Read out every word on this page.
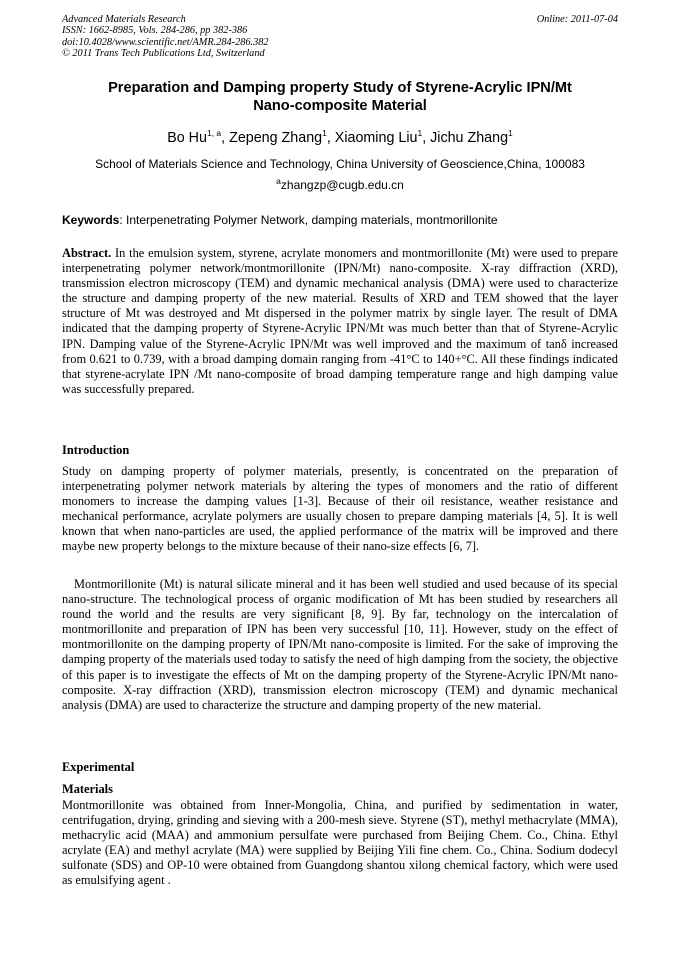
Advanced Materials Research
ISSN: 1662-8985, Vols. 284-286, pp 382-386
doi:10.4028/www.scientific.net/AMR.284-286.382
© 2011 Trans Tech Publications Ltd, Switzerland
Online: 2011-07-04
Preparation and Damping property Study of Styrene-Acrylic IPN/Mt
Nano-composite Material
Bo Hu$^{1, a}$, Zepeng Zhang$^1$, Xiaoming Liu$^1$, Jichu Zhang$^1$
School of Materials Science and Technology, China University of Geoscience,China, 100083
$^a$zhangzp@cugb.edu.cn
Keywords: Interpenetrating Polymer Network, damping materials, montmorillonite
Abstract. In the emulsion system, styrene, acrylate monomers and montmorillonite (Mt) were used to prepare interpenetrating polymer network/montmorillonite (IPN/Mt) nano-composite. X-ray diffraction (XRD), transmission electron microscopy (TEM) and dynamic mechanical analysis (DMA) were used to characterize the structure and damping property of the new material. Results of XRD and TEM showed that the layer structure of Mt was destroyed and Mt dispersed in the polymer matrix by single layer. The result of DMA indicated that the damping property of Styrene-Acrylic IPN/Mt was much better than that of Styrene-Acrylic IPN. Damping value of the Styrene-Acrylic IPN/Mt was well improved and the maximum of tanδ increased from 0.621 to 0.739, with a broad damping domain ranging from -41°C to 140+°C. All these findings indicated that styrene-acrylate IPN /Mt nano-composite of broad damping temperature range and high damping value was successfully prepared.
Introduction
Study on damping property of polymer materials, presently, is concentrated on the preparation of interpenetrating polymer network materials by altering the types of monomers and the ratio of different monomers to increase the damping values [1-3]. Because of their oil resistance, weather resistance and mechanical performance, acrylate polymers are usually chosen to prepare damping materials [4, 5]. It is well known that when nano-particles are used, the applied performance of the matrix will be improved and there maybe new property belongs to the mixture because of their nano-size effects [6, 7].
Montmorillonite (Mt) is natural silicate mineral and it has been well studied and used because of its special nano-structure. The technological process of organic modification of Mt has been studied by researchers all round the world and the results are very significant [8, 9]. By far, technology on the intercalation of montmorillonite and preparation of IPN has been very successful [10, 11]. However, study on the effect of montmorillonite on the damping property of IPN/Mt nano-composite is limited. For the sake of improving the damping property of the materials used today to satisfy the need of high damping from the society, the objective of this paper is to investigate the effects of Mt on the damping property of the Styrene-Acrylic IPN/Mt nano-composite. X-ray diffraction (XRD), transmission electron microscopy (TEM) and dynamic mechanical analysis (DMA) are used to characterize the structure and damping property of the new material.
Experimental
Materials
Montmorillonite was obtained from Inner-Mongolia, China, and purified by sedimentation in water, centrifugation, drying, grinding and sieving with a 200-mesh sieve. Styrene (ST), methyl methacrylate (MMA), methacrylic acid (MAA) and ammonium persulfate were purchased from Beijing Chem. Co., China. Ethyl acrylate (EA) and methyl acrylate (MA) were supplied by Beijing Yili fine chem. Co., China. Sodium dodecyl sulfonate (SDS) and OP-10 were obtained from Guangdong shantou xilong chemical factory, which were used as emulsifying agent .
